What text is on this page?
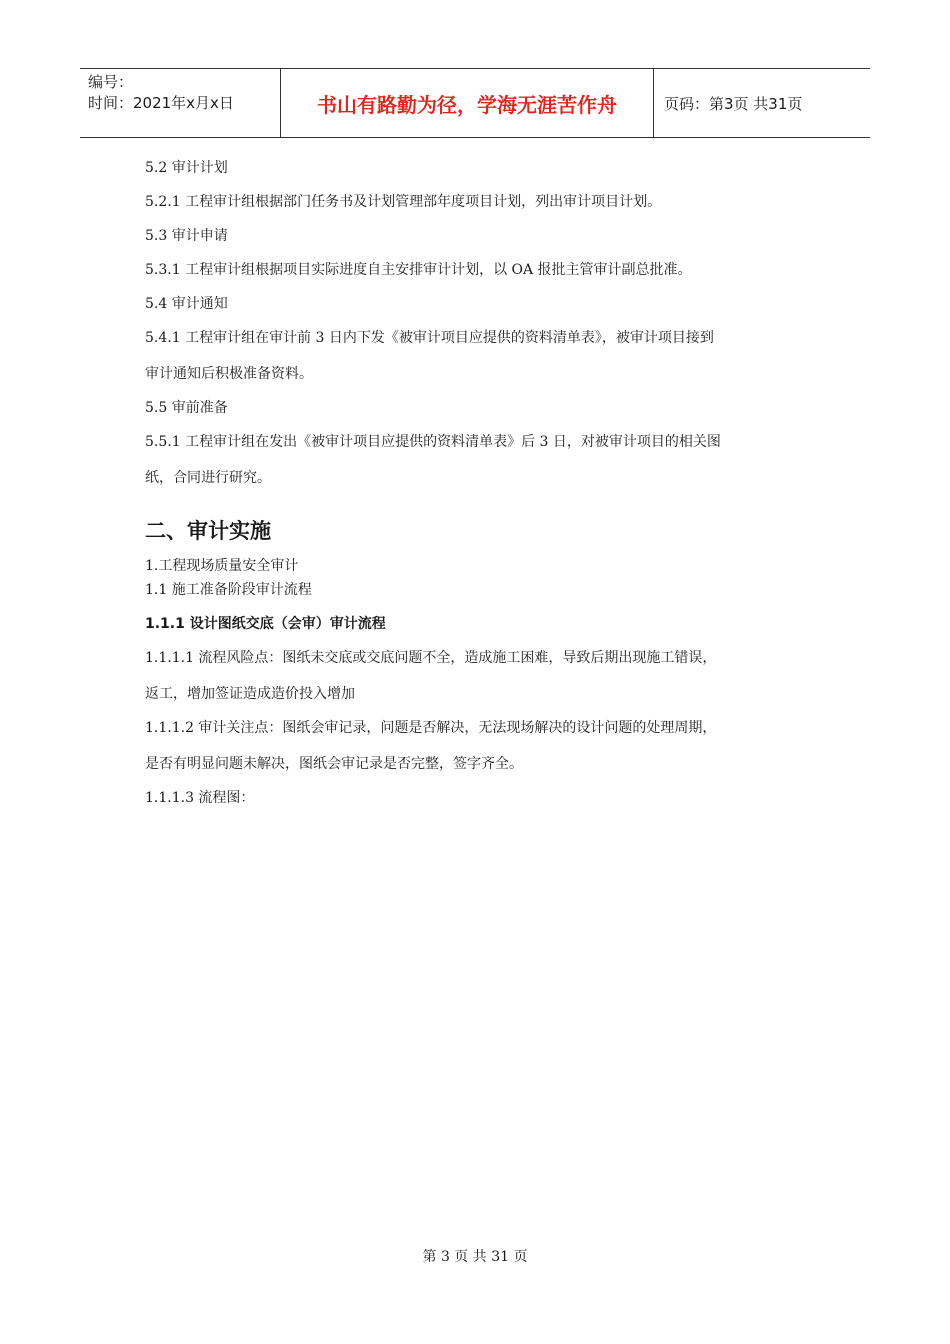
编号：
时间：2021年x月x日	书山有路勤为径，学海无涯苦作舟	页码：第3页 共31页

5.2 审计计划

5.2.1 工程审计组根据部门任务书及计划管理部年度项目计划，列出审计项目计划。

5.3 审计申请

5.3.1 工程审计组根据项目实际进度自主安排审计计划，以 OA 报批主管审计副总批准。

5.4 审计通知

5.4.1 工程审计组在审计前 3 日内下发《被审计项目应提供的资料清单表》，被审计项目接到

审计通知后积极准备资料。

5.5 审前准备

5.5.1 工程审计组在发出《被审计项目应提供的资料清单表》后 3 日，对被审计项目的相关图

纸，合同进行研究。

二、审计实施

1.工程现场质量安全审计

1.1 施工准备阶段审计流程

1.1.1 设计图纸交底（会审）审计流程

1.1.1.1 流程风险点：图纸未交底或交底问题不全，造成施工困难，导致后期出现施工错误，

返工，增加签证造成造价投入增加

1.1.1.2 审计关注点：图纸会审记录，问题是否解决，无法现场解决的设计问题的处理周期，

是否有明显问题未解决，图纸会审记录是否完整，签字齐全。

1.1.1.3 流程图：

第 3 页 共 31 页
